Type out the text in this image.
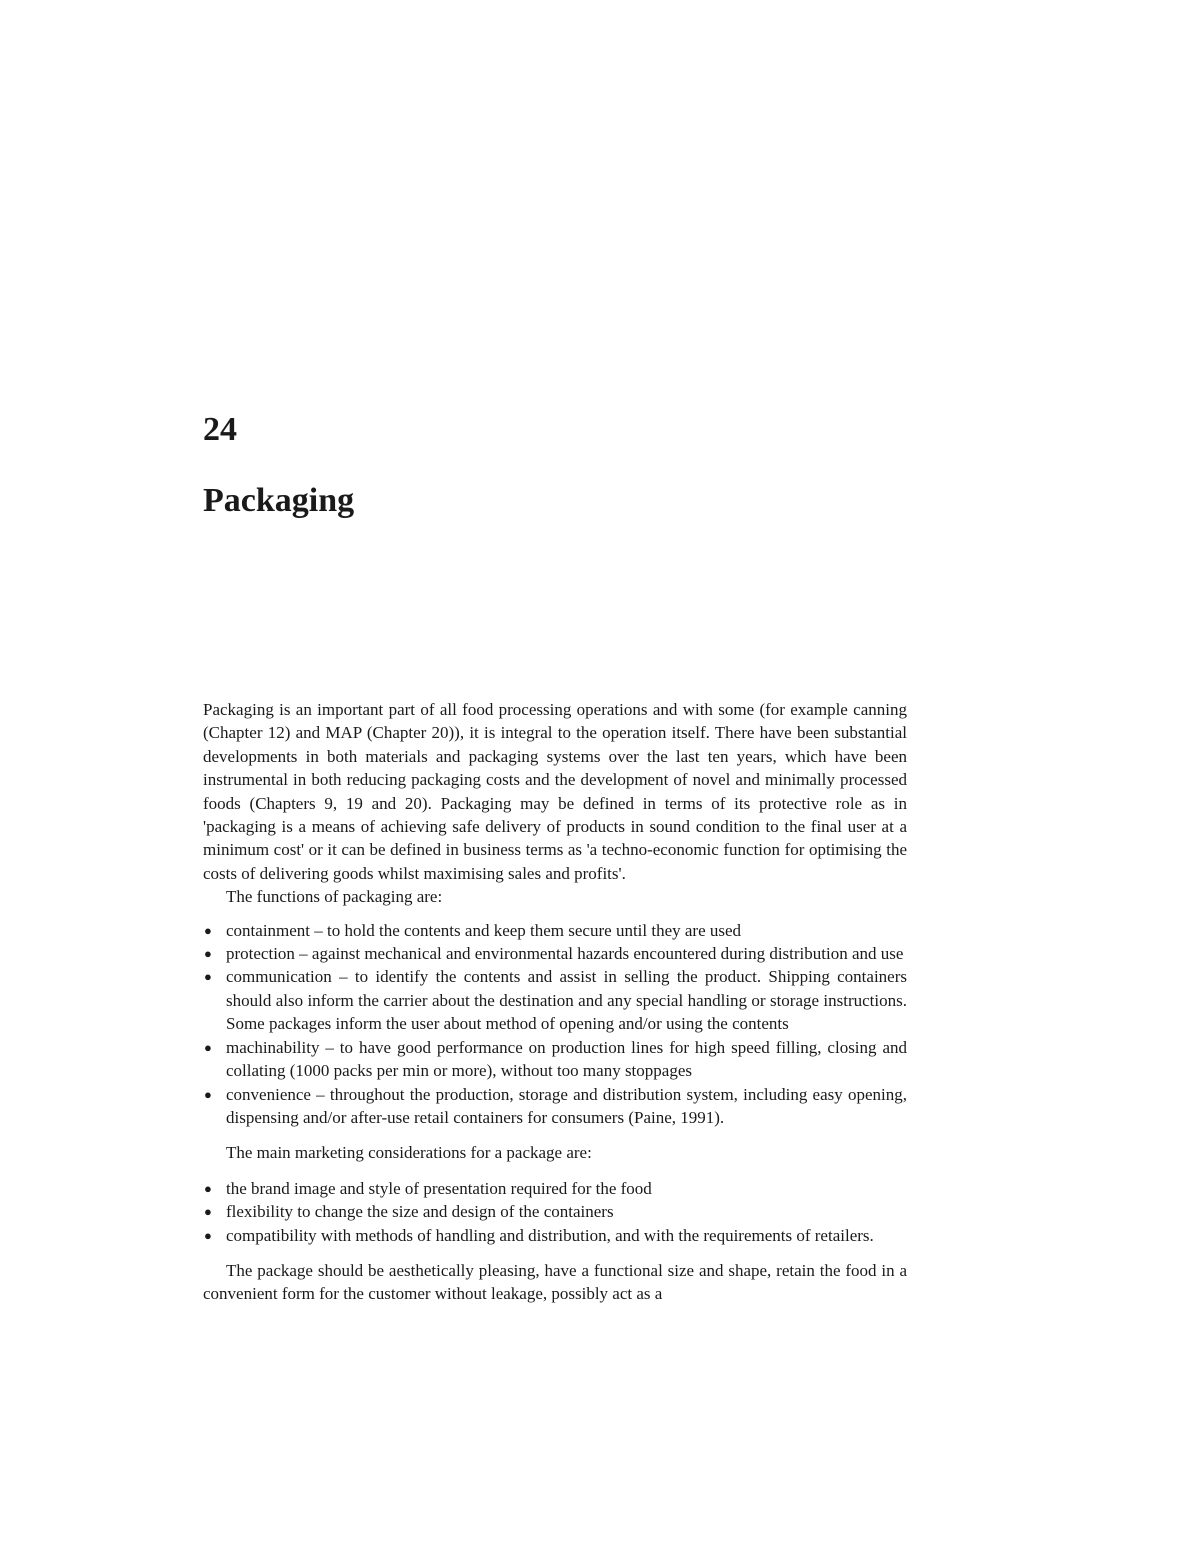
24
Packaging

Packaging is an important part of all food processing operations and with some (for example canning (Chapter 12) and MAP (Chapter 20)), it is integral to the operation itself. There have been substantial developments in both materials and packaging systems over the last ten years, which have been instrumental in both reducing packaging costs and the development of novel and minimally processed foods (Chapters 9, 19 and 20). Packaging may be defined in terms of its protective role as in 'packaging is a means of achieving safe delivery of products in sound condition to the final user at a minimum cost' or it can be defined in business terms as 'a techno-economic function for optimising the costs of delivering goods whilst maximising sales and profits'.

The functions of packaging are:

● containment – to hold the contents and keep them secure until they are used
● protection – against mechanical and environmental hazards encountered during distribution and use
● communication – to identify the contents and assist in selling the product. Shipping containers should also inform the carrier about the destination and any special handling or storage instructions. Some packages inform the user about method of opening and/or using the contents
● machinability – to have good performance on production lines for high speed filling, closing and collating (1000 packs per min or more), without too many stoppages
● convenience – throughout the production, storage and distribution system, including easy opening, dispensing and/or after-use retail containers for consumers (Paine, 1991).

The main marketing considerations for a package are:

● the brand image and style of presentation required for the food
● flexibility to change the size and design of the containers
● compatibility with methods of handling and distribution, and with the requirements of retailers.

The package should be aesthetically pleasing, have a functional size and shape, retain the food in a convenient form for the customer without leakage, possibly act as a
